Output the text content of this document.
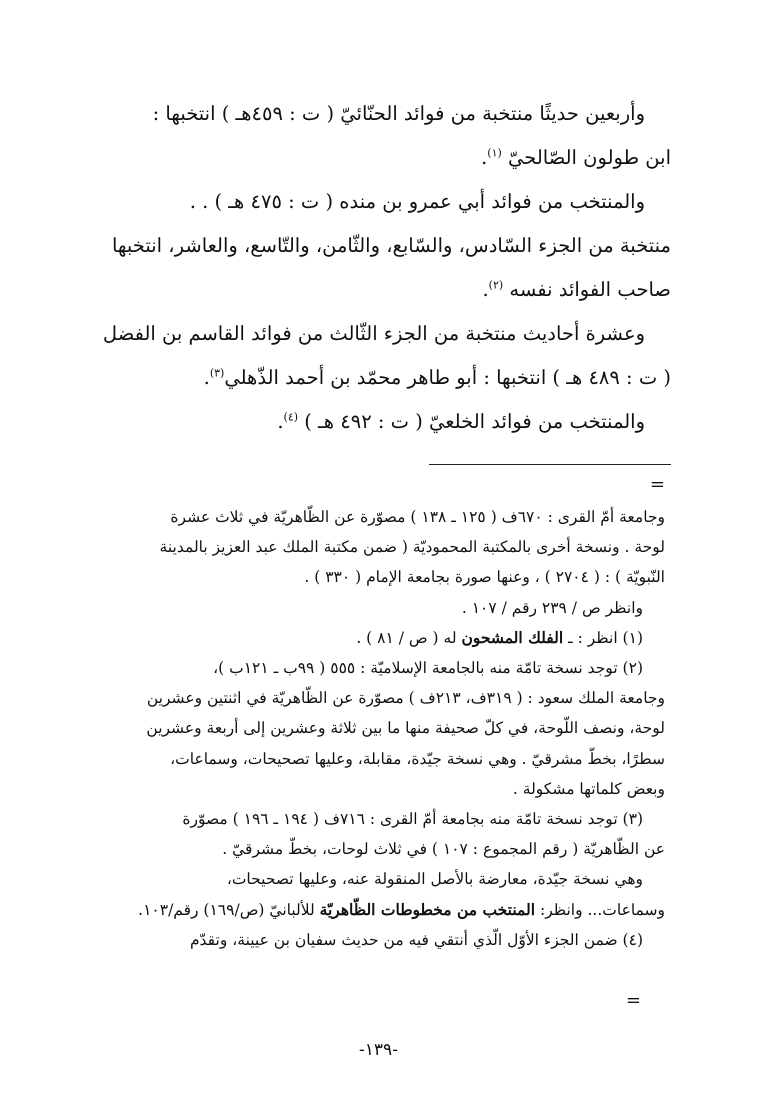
وأربعين حديثًا منتخبة من فوائد الحنّائيّ ( ت : ٤٥٩هـ ) انتخبها :

ابن طولون الصّالحيّ $^{(١)}$.

والمنتخب من فوائد أبي عمرو بن منده ( ت : ٤٧٥ هـ ) . .

منتخبة من الجزء السّادس، والسّابع، والثّامن، والتّاسع، والعاشر، انتخبها

صاحب الفوائد نفسه $^{(٢)}$.

وعشرة أحاديث منتخبة من الجزء الثّالث من فوائد القاسم بن الفضل

( ت : ٤٨٩ هـ ) انتخبها : أبو طاهر محمّد بن أحمد الذّهلي$^{(٣)}$.

والمنتخب من فوائد الخلعيّ ( ت : ٤٩٢ هـ ) $^{(٤)}$.

=

وجامعة أمّ القرى : ٦٧٠ف ( ١٢٥ ـ ١٣٨ ) مصوّرة عن الظّاهريّة في ثلاث عشرة

لوحة . ونسخة أخرى بالمكتبة المحموديّة ( ضمن مكتبة الملك عبد العزيز بالمدينة

النّبويّة ) : ( ٢٧٠٤ ) ، وعنها صورة بجامعة الإمام ( ٣٣٠ ) .

وانظر ص / ٢٣٩ رقم / ١٠٧ .

(١) انظر : ـ الفلك المشحون له ( ص / ٨١ ) .

(٢) توجد نسخة تامّة منه بالجامعة الإسلاميّة : ٥٥٥ ( ٩٩ب ـ ١٢١ب )،

وجامعة الملك سعود : ( ٣١٩ف، ٢١٣ف ) مصوّرة عن الظّاهريّة في اثنتين وعشرين

لوحة، ونصف اللّوحة، في كلّ صحيفة منها ما بين ثلاثة وعشرين إلى أربعة وعشرين

سطرًا، بخطّ مشرقيّ . وهي نسخة جيّدة، مقابلة، وعليها تصحيحات، وسماعات،

وبعض كلماتها مشكولة .

(٣) توجد نسخة تامّة منه بجامعة أمّ القرى : ٧١٦ف ( ١٩٤ ـ ١٩٦ ) مصوّرة

عن الظّاهريّة ( رقم المجموع : ١٠٧ ) في ثلاث لوحات، بخطّ مشرقيّ .

وهي نسخة جيّدة، معارضة بالأصل المنقولة عنه، وعليها تصحيحات،

وسماعات... وانظر: المنتخب من مخطوطات الظّاهريّة للألبانيّ (ص/١٦٩) رقم/١٠٣.

(٤) ضمن الجزء الأوّل الّذي أنتقي فيه من حديث سفيان بن عيينة، وتقدّم

=
-١٣٩-
